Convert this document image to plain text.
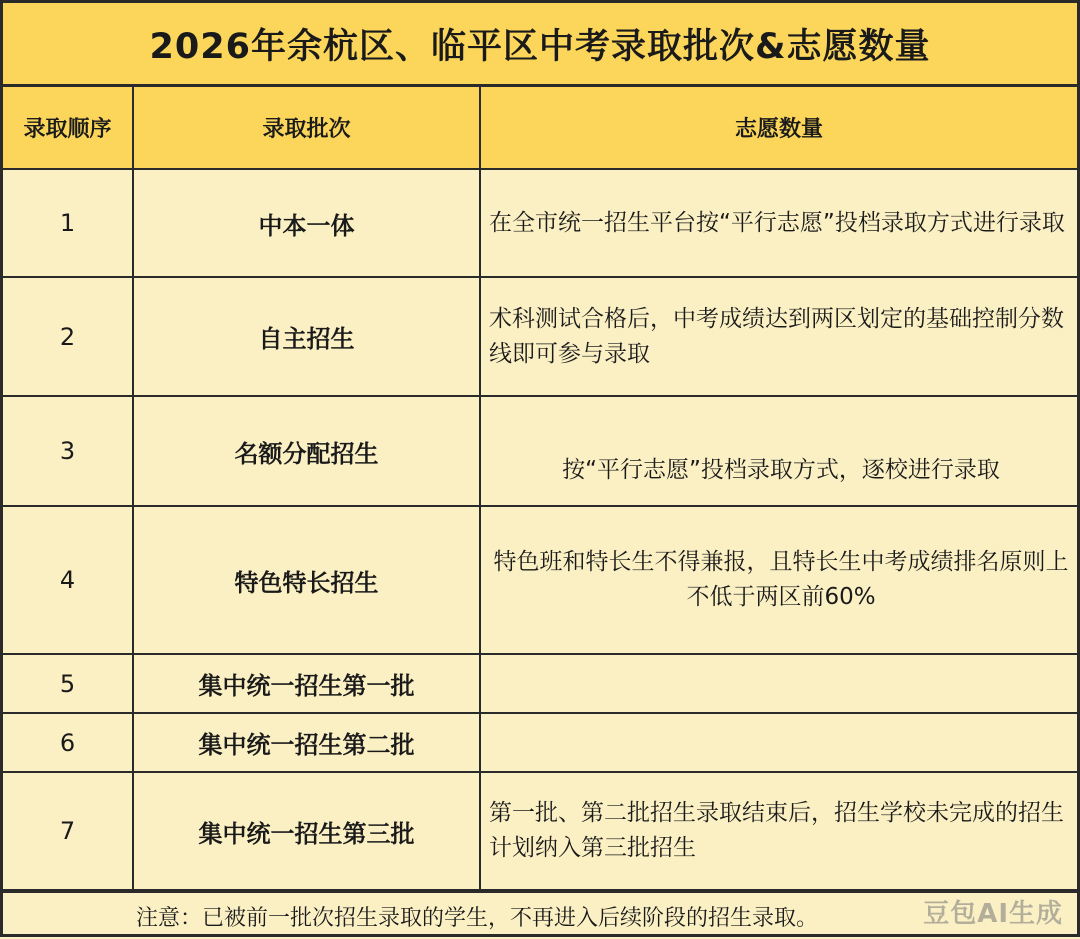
2026年余杭区、临平区中考录取批次&志愿数量
录取顺序	录取批次	志愿数量
1	中本一体	在全市统一招生平台按“平行志愿”投档录取方式进行录取
2	自主招生	术科测试合格后，中考成绩达到两区划定的基础控制分数线即可参与录取
3	名额分配招生	按“平行志愿”投档录取方式，逐校进行录取

4	特色特长招生	特色班和特长生不得兼报，且特长生中考成绩排名原则上不低于两区前60%
5	集中统一招生第一批	
6	集中统一招生第二批	
7	集中统一招生第三批	第一批、第二批招生录取结束后，招生学校未完成的招生计划纳入第三批招生
注意：已被前一批次招生录取的学生，不再进入后续阶段的招生录取。	豆包AI生成
